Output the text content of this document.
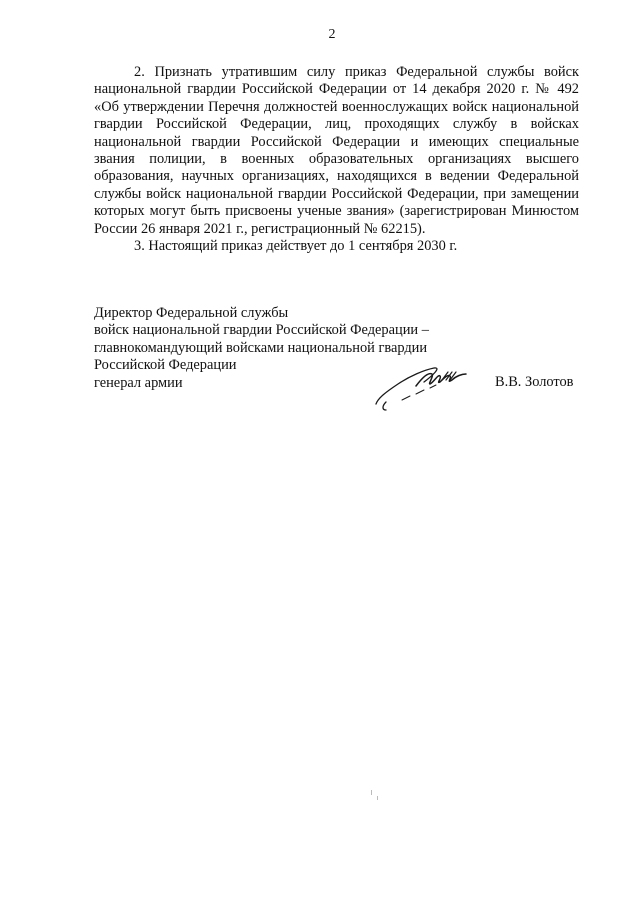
2

2. Признать утратившим силу приказ Федеральной службы войск национальной гвардии Российской Федерации от 14 декабря 2020 г. № 492 «Об утверждении Перечня должностей военнослужащих войск национальной гвардии Российской Федерации, лиц, проходящих службу в войсках национальной гвардии Российской Федерации и имеющих специальные звания полиции, в военных образовательных организациях высшего образования, научных организациях, находящихся в ведении Федеральной службы войск национальной гвардии Российской Федерации, при замещении которых могут быть присвоены ученые звания» (зарегистрирован Минюстом России 26 января 2021 г., регистрационный № 62215).

3. Настоящий приказ действует до 1 сентября 2030 г.

Директор Федеральной службы
войск национальной гвардии Российской Федерации –
главнокомандующий войсками национальной гвардии
Российской Федерации
генерал армии	В.В. Золотов
